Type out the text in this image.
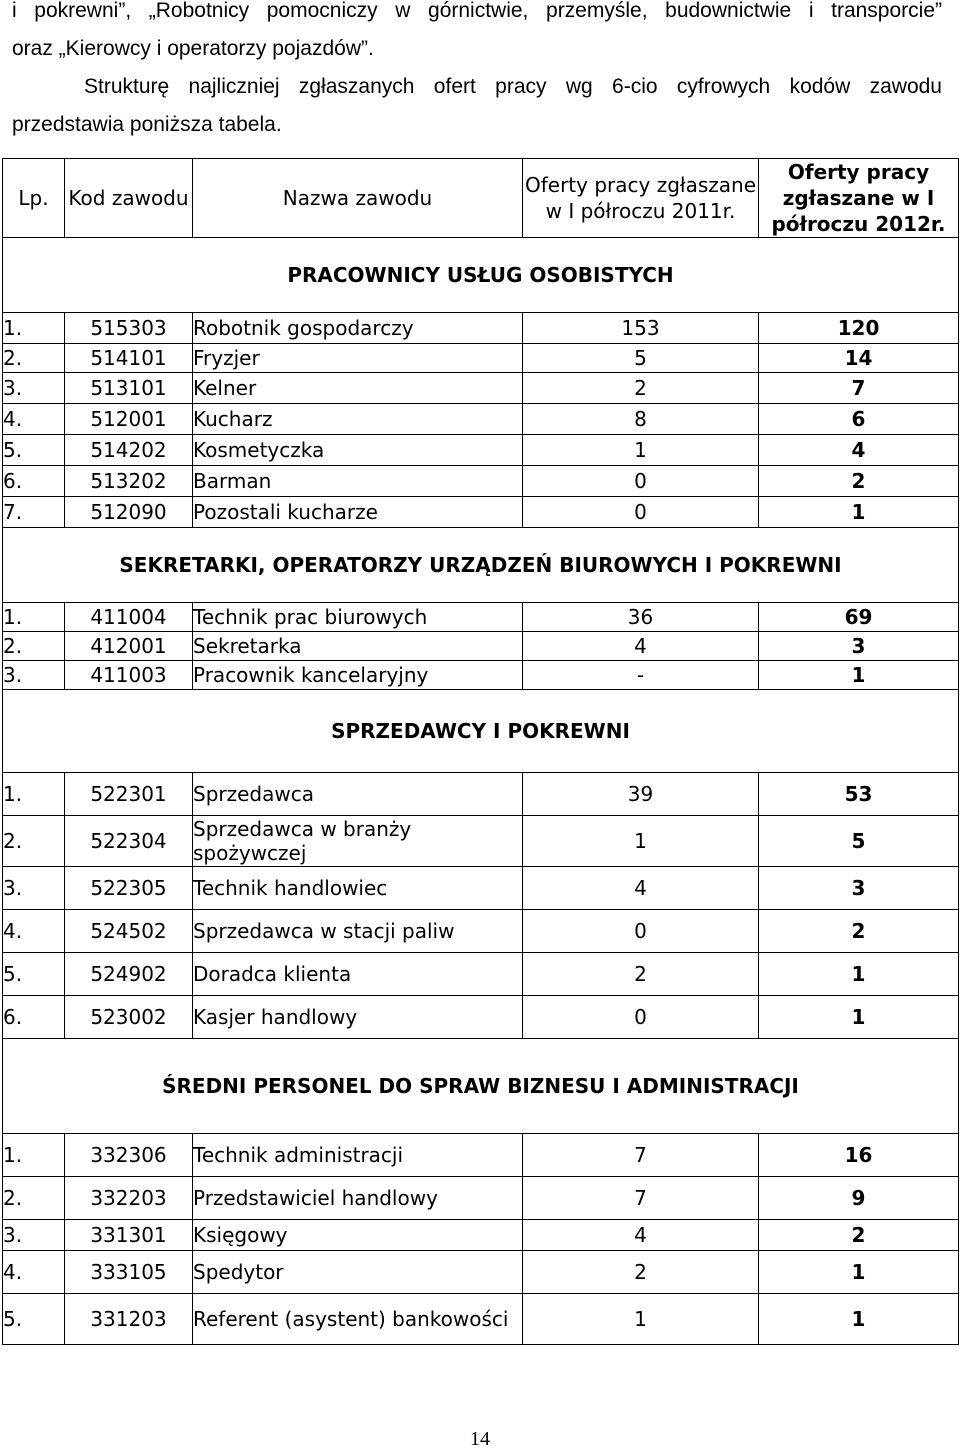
i pokrewni”, „Robotnicy pomocniczy w górnictwie, przemyśle, budownictwie i transporcie”
oraz „Kierowcy i operatorzy pojazdów”.
Strukturę najliczniej zgłaszanych ofert pracy wg 6-cio cyfrowych kodów zawodu
przedstawia poniższa tabela.
Lp.	Kod zawodu	Nazwa zawodu	Oferty pracy zgłaszane w I półroczu 2011r.	Oferty pracy zgłaszane w I półroczu 2012r.
PRACOWNICY USŁUG OSOBISTYCH				
1.	515303	Robotnik gospodarczy	153	120
2.	514101	Fryzjer	5	14
3.	513101	Kelner	2	7
4.	512001	Kucharz	8	6
5.	514202	Kosmetyczka	1	4
6.	513202	Barman	0	2
7.	512090	Pozostali kucharze	0	1
SEKRETARKI, OPERATORZY URZĄDZEŃ BIUROWYCH I POKREWNI				
1.	411004	Technik prac biurowych	36	69
2.	412001	Sekretarka	4	3
3.	411003	Pracownik kancelaryjny	-	1
SPRZEDAWCY I POKREWNI				
1.	522301	Sprzedawca	39	53
2.	522304	Sprzedawca w branży spożywczej	1	5
3.	522305	Technik handlowiec	4	3
4.	524502	Sprzedawca w stacji paliw	0	2
5.	524902	Doradca klienta	2	1
6.	523002	Kasjer handlowy	0	1
ŚREDNI PERSONEL DO SPRAW BIZNESU I ADMINISTRACJI				
1.	332306	Technik administracji	7	16
2.	332203	Przedstawiciel handlowy	7	9
3.	331301	Księgowy	4	2
4.	333105	Spedytor	2	1
5.	331203	Referent (asystent) bankowości	1	1
14
